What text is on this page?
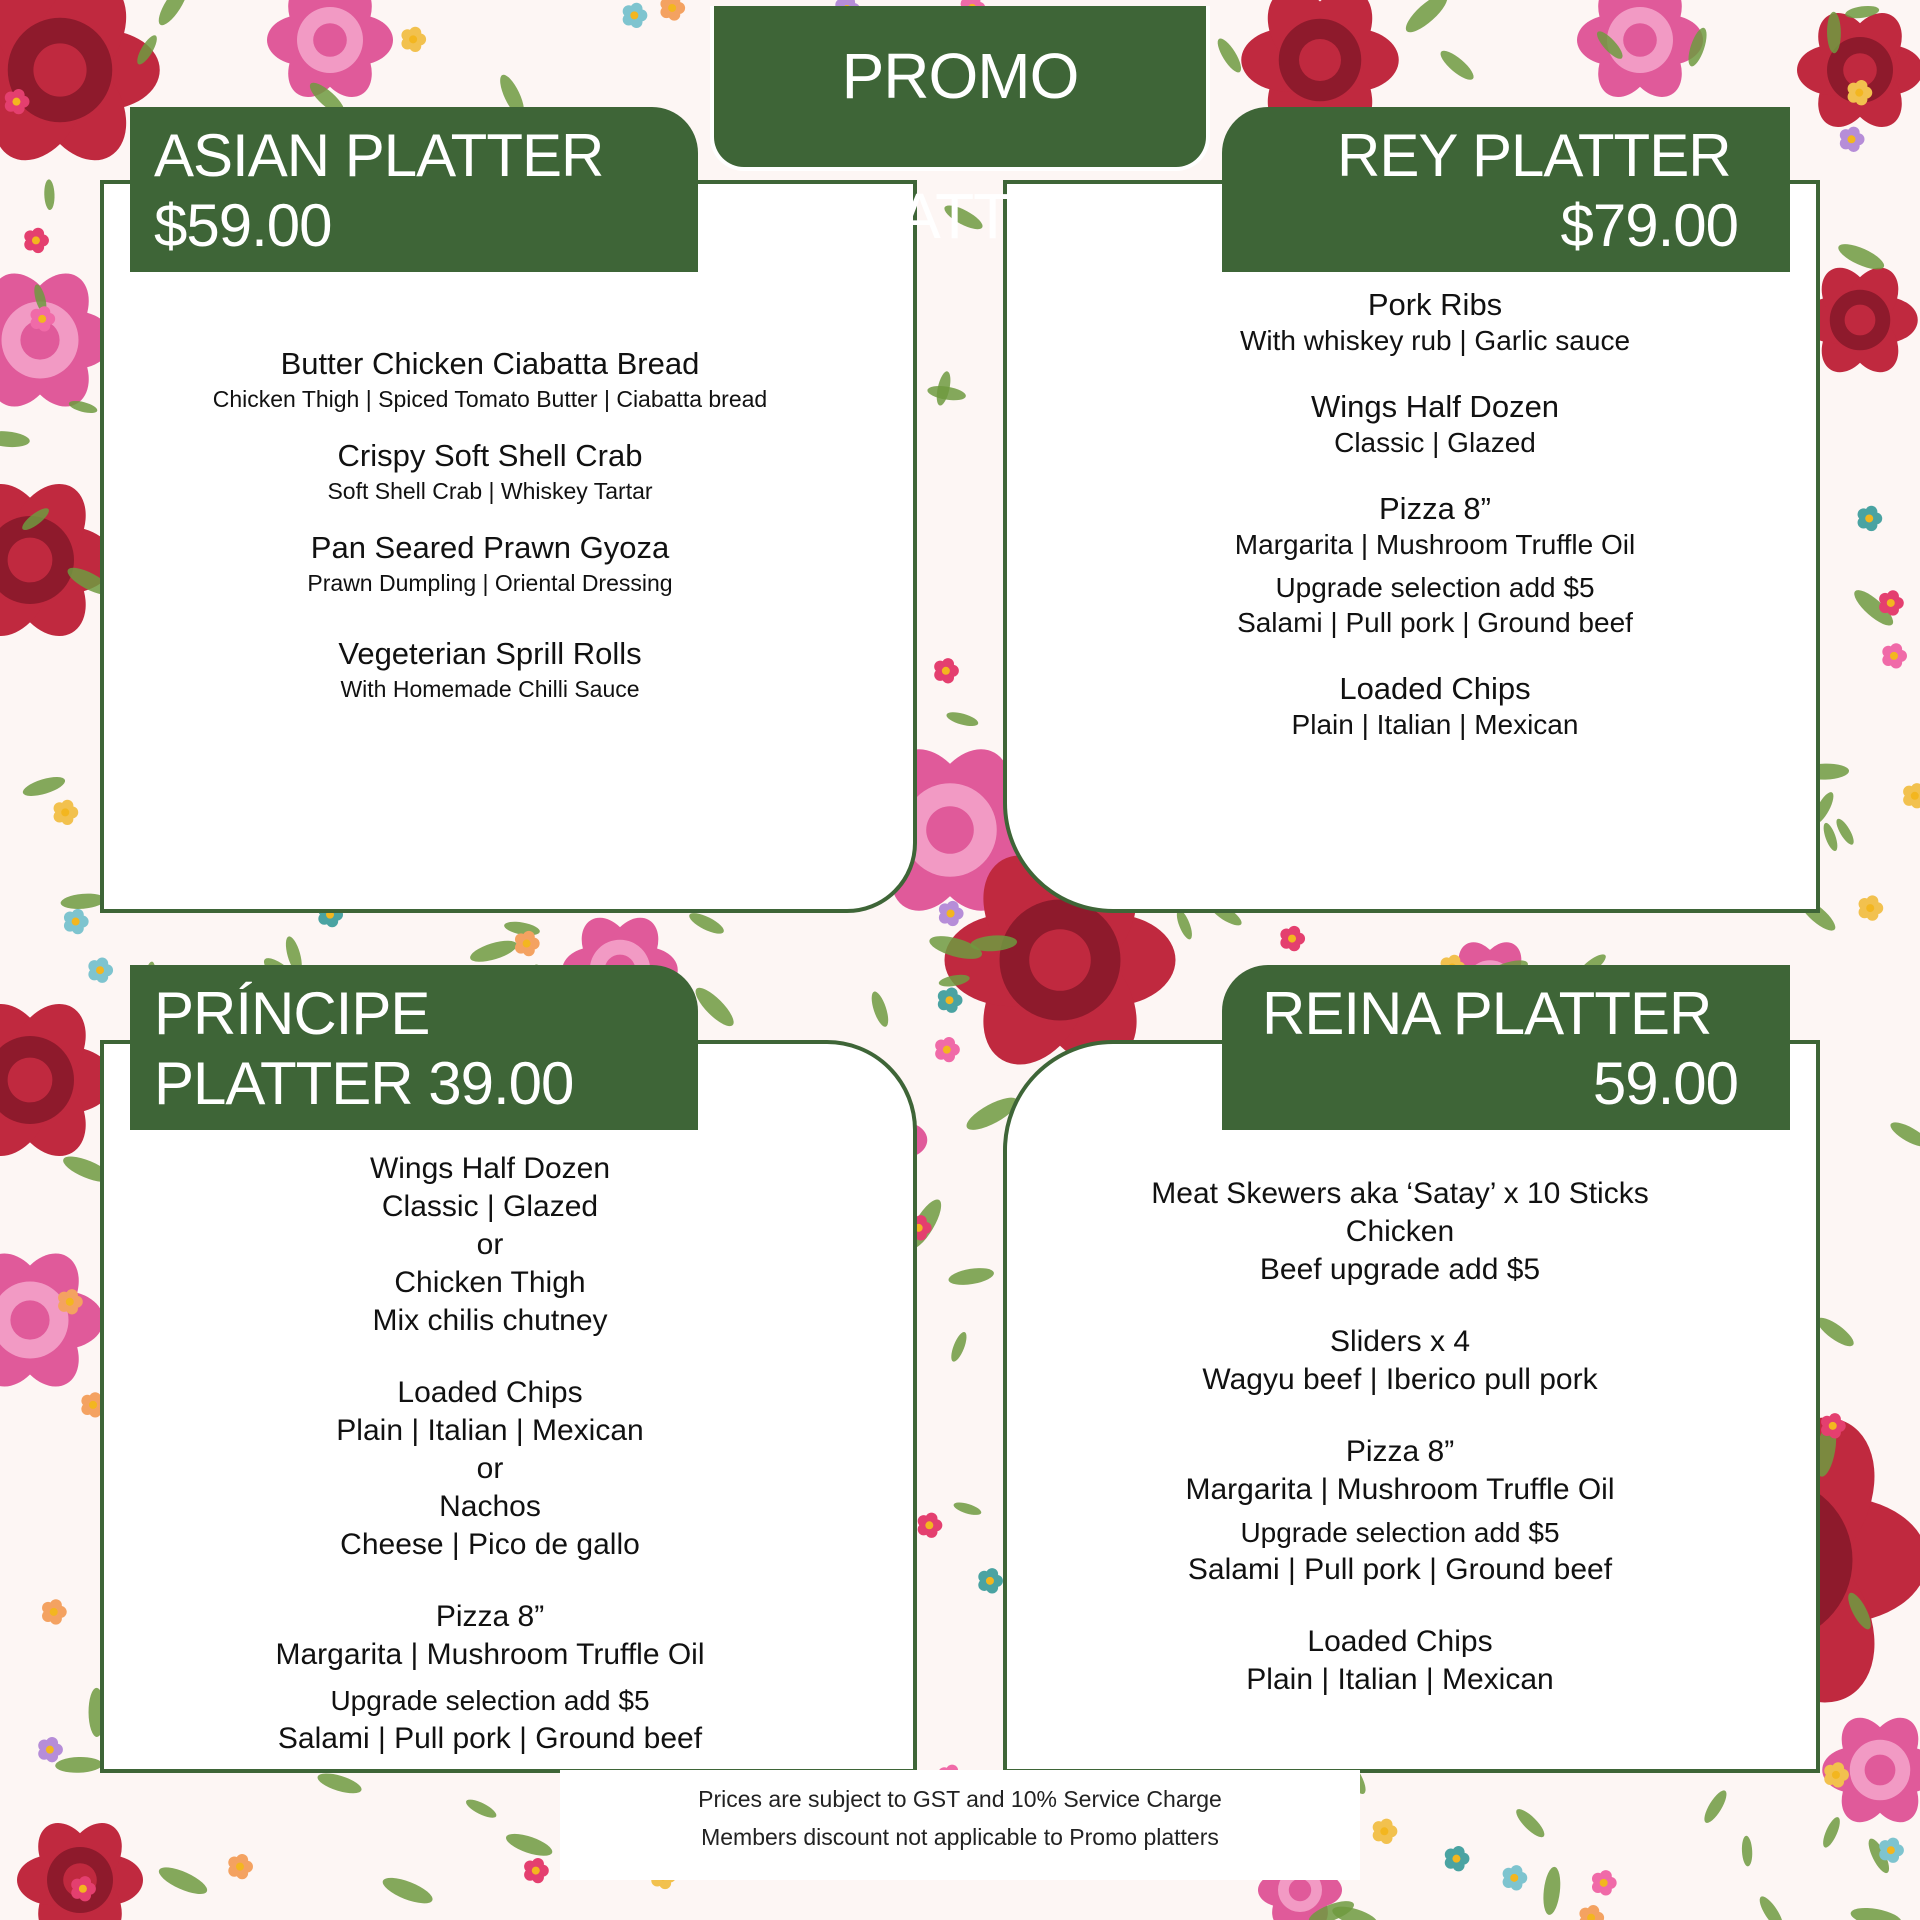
PROMO PLATTER
ASIAN PLATTER
$59.00
REY PLATTER
$79.00
PRÍNCIPE
PLATTER 39.00
REINA PLATTER
59.00
Butter Chicken Ciabatta Bread
Chicken Thigh | Spiced Tomato Butter | Ciabatta bread
Crispy Soft Shell Crab
Soft Shell Crab | Whiskey Tartar
Pan Seared Prawn Gyoza
Prawn Dumpling | Oriental Dressing
Vegeterian Sprill Rolls
With Homemade Chilli Sauce
Pork Ribs
With whiskey rub | Garlic sauce
Wings Half Dozen
Classic | Glazed
Pizza 8”
Margarita | Mushroom Truffle Oil
Upgrade selection add $5
Salami | Pull pork | Ground beef
Loaded Chips
Plain | Italian | Mexican
Wings Half Dozen
Classic | Glazed
or
Chicken Thigh
Mix chilis chutney
Loaded Chips
Plain | Italian | Mexican
or
Nachos
Cheese | Pico de gallo
Pizza 8”
Margarita | Mushroom Truffle Oil
Upgrade selection add $5
Salami | Pull pork | Ground beef
Meat Skewers aka ‘Satay’ x 10 Sticks
Chicken
Beef upgrade add $5
Sliders x 4
Wagyu beef | Iberico pull pork
Pizza 8”
Margarita | Mushroom Truffle Oil
Upgrade selection add $5
Salami | Pull pork | Ground beef
Loaded Chips
Plain | Italian | Mexican
Prices are subject to GST and 10% Service Charge
Members discount not applicable to Promo platters
